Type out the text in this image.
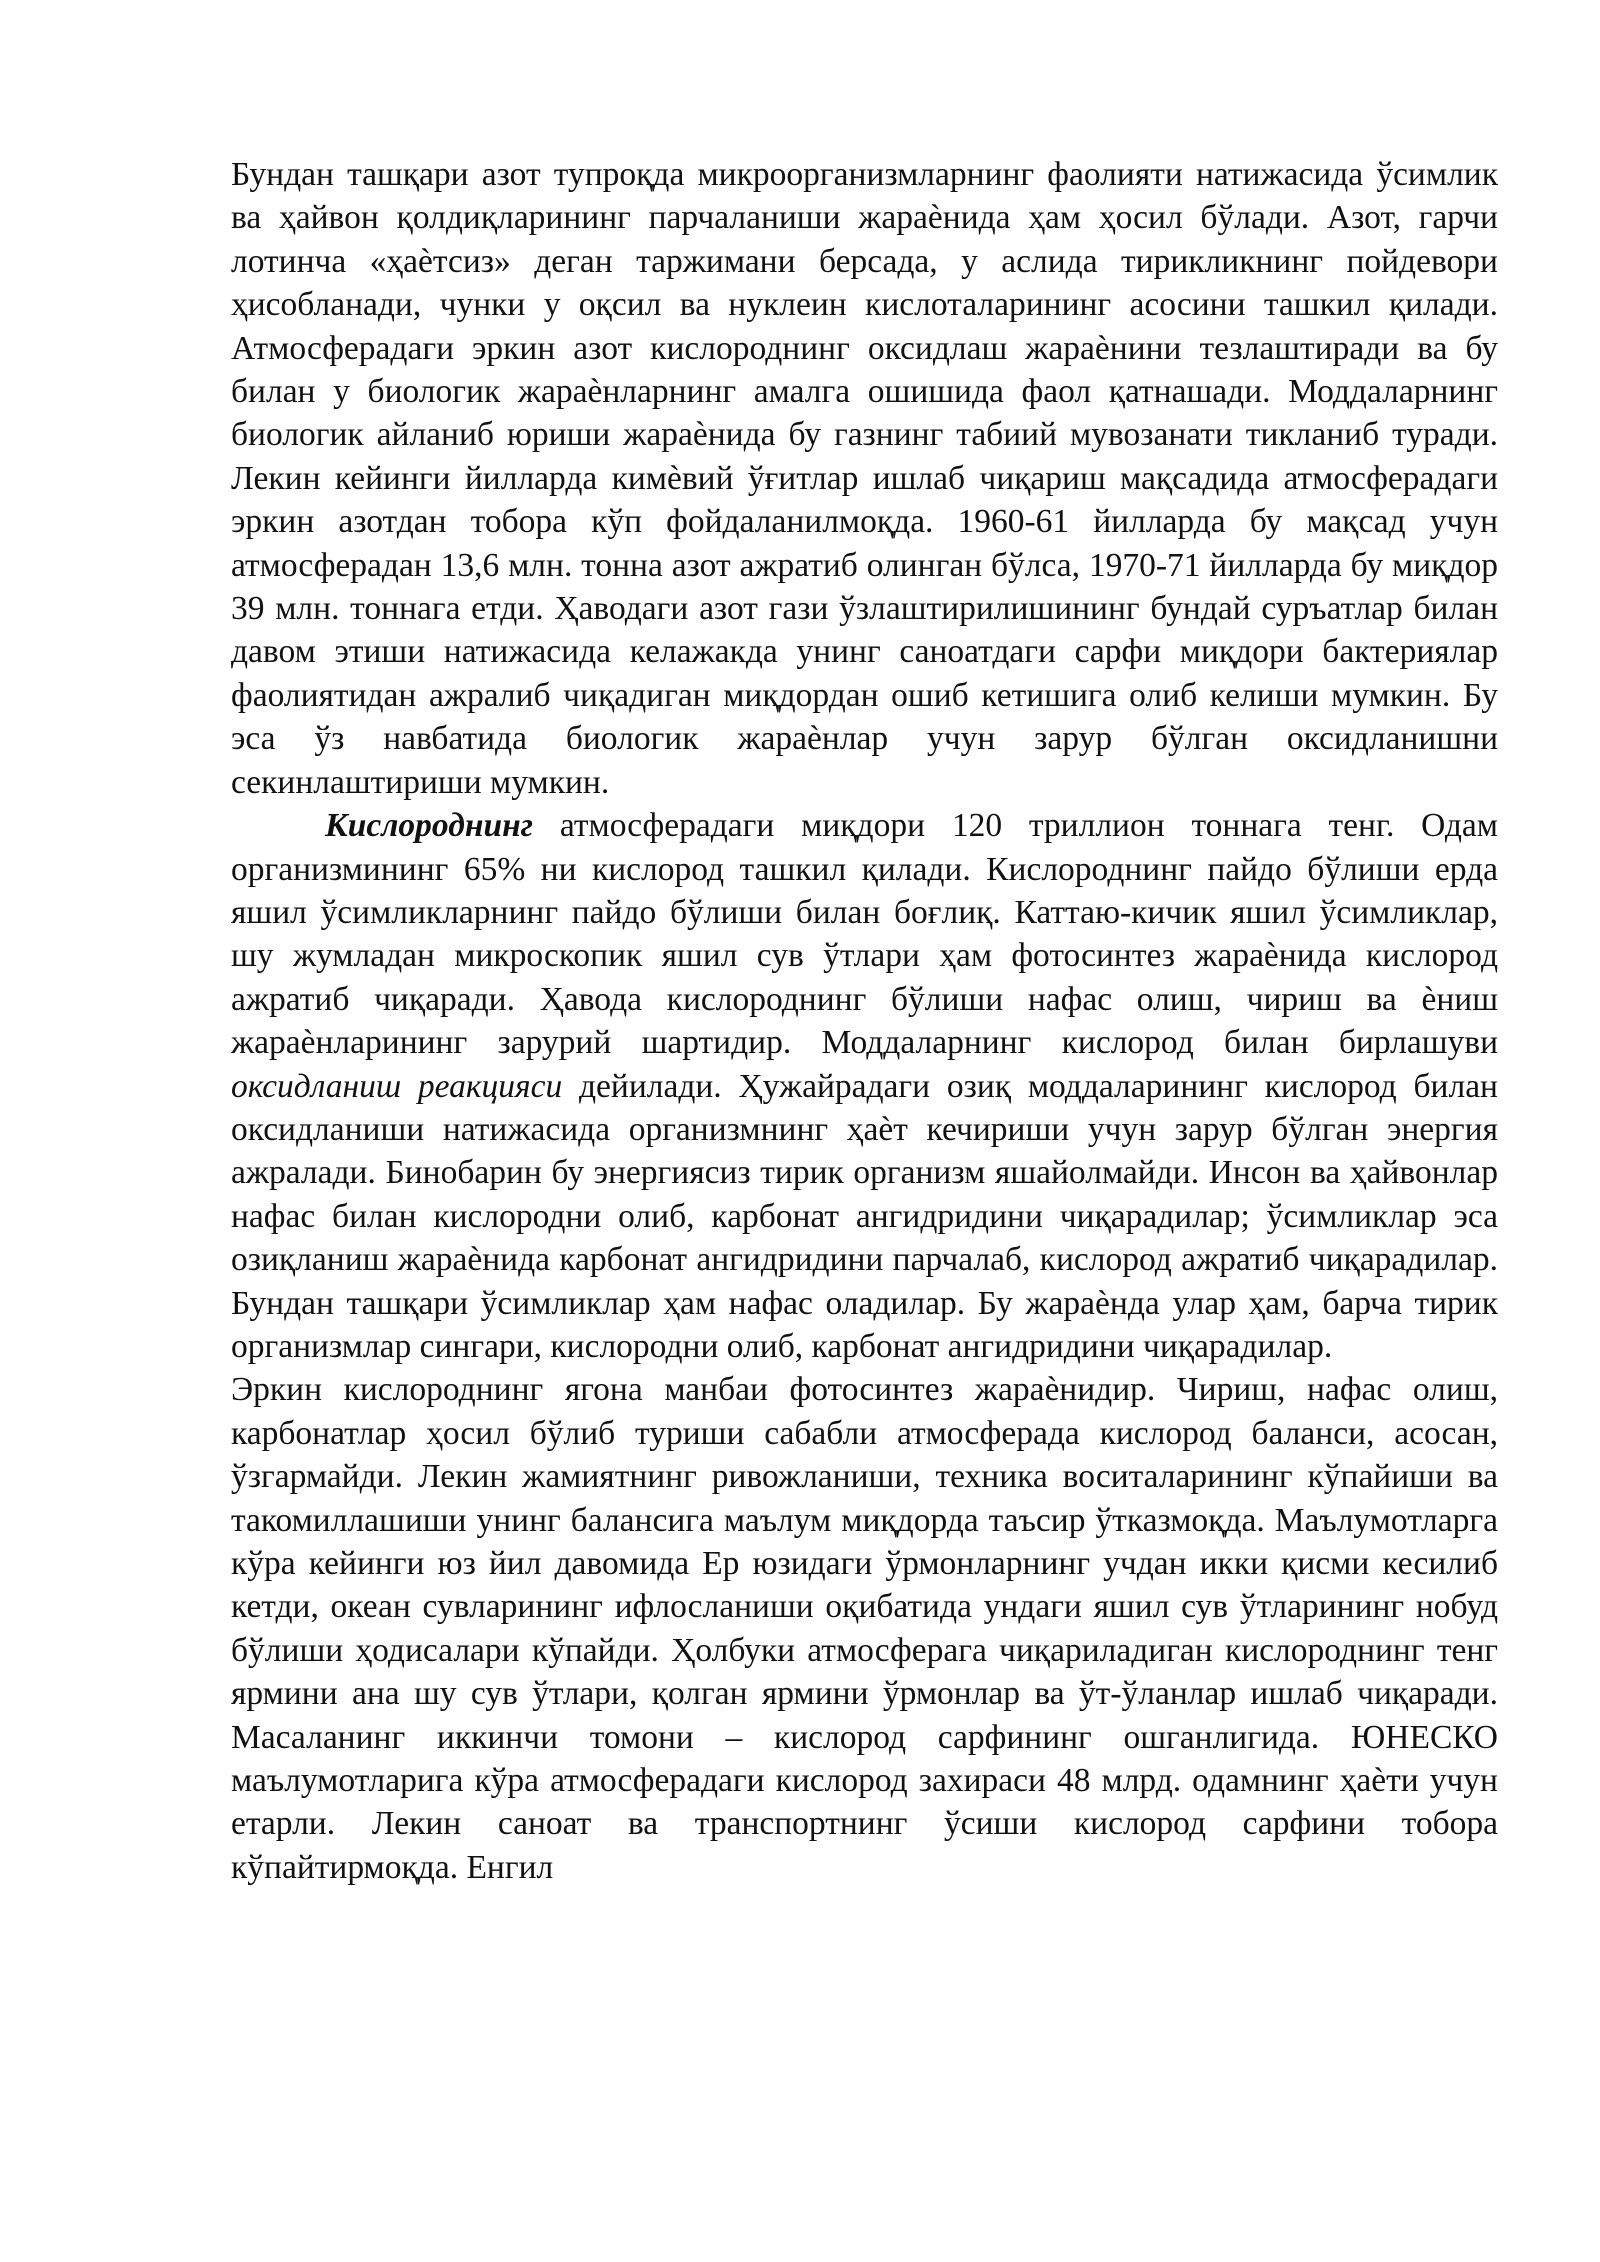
Бундан ташқари азот тупроқда микроорганизмларнинг фаолияти натижасида ўсимлик ва ҳайвон қолдиқларининг парчаланиши жараѐнида ҳам ҳосил бўлади. Азот, гарчи лотинча «ҳаѐтсиз» деган таржимани берсада, у аслида тирикликнинг пойдевори ҳисобланади, чунки у оқсил ва нуклеин кислоталарининг асосини ташкил қилади. Атмосферадаги эркин азот кислороднинг оксидлаш жараѐнини тезлаштиради ва бу билан у биологик жараѐнларнинг амалга ошишида фаол қатнашади. Моддаларнинг биологик айланиб юриши жараѐнида бу газнинг табиий мувозанати тикланиб туради. Лекин кейинги йилларда кимѐвий ўғитлар ишлаб чиқариш мақсадида атмосферадаги эркин азотдан тобора кўп фойдаланилмоқда. 1960-61 йилларда бу мақсад учун атмосферадан 13,6 млн. тонна азот ажратиб олинган бўлса, 1970-71 йилларда бу миқдор 39 млн. тоннага етди. Ҳаводаги азот гази ўзлаштирилишининг бундай суръатлар билан давом этиши натижасида келажакда унинг саноатдаги сарфи миқдори бактериялар фаолиятидан ажралиб чиқадиган миқдордан ошиб кетишига олиб келиши мумкин. Бу эса ўз навбатида биологик жараѐнлар учун зарур бўлган оксидланишни секинлаштириши мумкин.

Кислороднинг атмосферадаги миқдори 120 триллион тоннага тенг. Одам организмининг 65% ни кислород ташкил қилади. Кислороднинг пайдо бўлиши ерда яшил ўсимликларнинг пайдо бўлиши билан боғлиқ. Каттаю-кичик яшил ўсимликлар, шу жумладан микроскопик яшил сув ўтлари ҳам фотосинтез жараѐнида кислород ажратиб чиқаради. Ҳавода кислороднинг бўлиши нафас олиш, чириш ва ѐниш жараѐнларининг зарурий шартидир. Моддаларнинг кислород билан бирлашуви оксидланиш реакцияси дейилади. Ҳужайрадаги озиқ моддаларининг кислород билан оксидланиши натижасида организмнинг ҳаѐт кечириши учун зарур бўлган энергия ажралади. Бинобарин бу энергиясиз тирик организм яшайолмайди. Инсон ва ҳайвонлар нафас билан кислородни олиб, карбонат ангидридини чиқарадилар; ўсимликлар эса озиқланиш жараѐнида карбонат ангидридини парчалаб, кислород ажратиб чиқарадилар. Бундан ташқари ўсимликлар ҳам нафас оладилар. Бу жараѐнда улар ҳам, барча тирик организмлар сингари, кислородни олиб, карбонат ангидридини чиқарадилар.

Эркин кислороднинг ягона манбаи фотосинтез жараѐнидир. Чириш, нафас олиш, карбонатлар ҳосил бўлиб туриши сабабли атмосферада кислород баланси, асосан, ўзгармайди. Лекин жамиятнинг ривожланиши, техника воситаларининг кўпайиши ва такомиллашиши унинг балансига маълум миқдорда таъсир ўтказмоқда. Маълумотларга кўра кейинги юз йил давомида Ер юзидаги ўрмонларнинг учдан икки қисми кесилиб кетди, океан сувларининг ифлосланиши оқибатида ундаги яшил сув ўтларининг нобуд бўлиши ҳодисалари кўпайди. Ҳолбуки атмосферага чиқариладиган кислороднинг тенг ярмини ана шу сув ўтлари, қолган ярмини ўрмонлар ва ўт-ўланлар ишлаб чиқаради. Масаланинг иккинчи томони – кислород сарфининг ошганлигида. ЮНЕСКО маълумотларига кўра атмосферадаги кислород захираси 48 млрд. одамнинг ҳаѐти учун етарли. Лекин саноат ва транспортнинг ўсиши кислород сарфини тобора кўпайтирмоқда. Енгил
